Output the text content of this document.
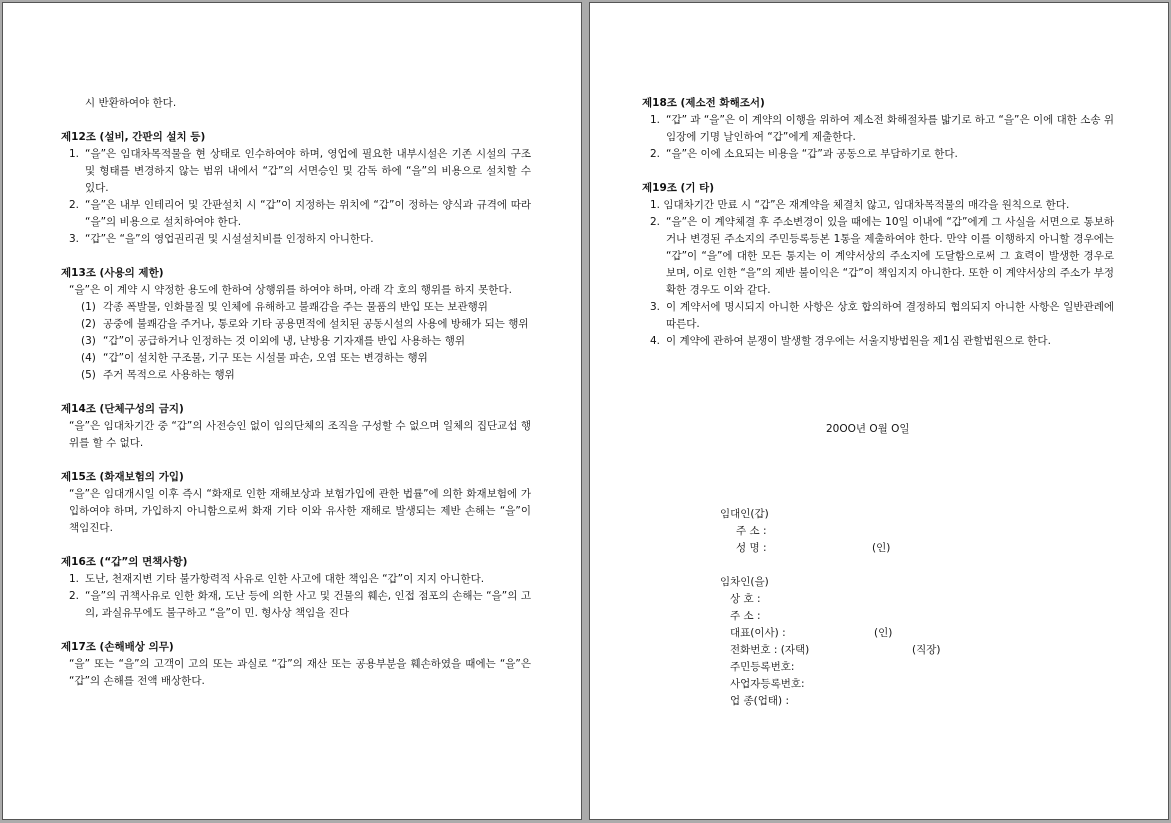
시 반환하여야 한다.

제12조 (설비, 간판의 설치 등)

1. “을”은 임대차목적물을 현 상태로 인수하여야 하며, 영업에 필요한 내부시설은 기존 시설의 구조 및 형태를 변경하지 않는 범위 내에서 “갑”의 서면승인 및 감독 하에 “을”의 비용으로 설치할 수 있다.
2. “을”은 내부 인테리어 및 간판설치 시 “갑”이 지정하는 위치에 “갑”이 정하는 양식과 규격에 따라 “을”의 비용으로 설치하여야 한다.
3. “갑”은 “을”의 영업권리권 및 시설설치비를 인정하지 아니한다.

제13조 (사용의 제한)

“을”은 이 계약 시 약정한 용도에 한하여 상행위를 하여야 하며, 아래 각 호의 행위를 하지 못한다.

(1) 각종 폭발물, 인화물질 및 인체에 유해하고 불쾌감을 주는 물품의 반입 또는 보관행위
(2) 공중에 불쾌감을 주거나, 통로와 기타 공용면적에 설치된 공동시설의 사용에 방해가 되는 행위
(3) “갑”이 공급하거나 인정하는 것 이외에 냉, 난방용 기자재를 반입 사용하는 행위
(4) “갑”이 설치한 구조물, 기구 또는 시설물 파손, 오염 또는 변경하는 행위
(5) 주거 목적으로 사용하는 행위

제14조 (단체구성의 금지)

“을”은 임대차기간 중 “갑”의 사전승인 없이 임의단체의 조직을 구성할 수 없으며 일체의 집단교섭 행위를 할 수 없다.

제15조 (화재보험의 가입)

“을”은 임대개시일 이후 즉시 “화재로 인한 재해보상과 보험가입에 관한 법률”에 의한 화재보험에 가입하여야 하며, 가입하지 아니함으로써 화재 기타 이와 유사한 재해로 발생되는 제반 손해는 “을”이 책임진다.

제16조 (“갑”의 면책사항)

1. 도난, 천재지변 기타 불가항력적 사유로 인한 사고에 대한 책임은 “갑”이 지지 아니한다.
2. “을”의 귀책사유로 인한 화재, 도난 등에 의한 사고 및 건물의 훼손, 인접 점포의 손해는 “을”의 고의, 과실유무에도 불구하고 “을”이 민. 형사상 책임을 진다

제17조 (손해배상 의무)

“을” 또는 “을”의 고객이 고의 또는 과실로 “갑”의 재산 또는 공용부분을 훼손하였을 때에는 “을”은 “갑”의 손해를 전액 배상한다.

제18조 (제소전 화해조서)

1. “갑” 과 “을”은 이 계약의 이행을 위하여 제소전 화해절차를 밟기로 하고 “을”은 이에 대한 소송 위임장에 기명 날인하여 “갑”에게 제출한다.
2. “을”은 이에 소요되는 비용을 “갑”과 공동으로 부담하기로 한다.

제19조 (기 타)

1. 임대차기간 만료 시 “갑”은 재계약을 체결치 않고, 임대차목적물의 매각을 원칙으로 한다.

2. “을”은 이 계약체결 후 주소변경이 있을 때에는 10일 이내에 “갑”에게 그 사실을 서면으로 통보하거나 변경된 주소지의 주민등록등본 1통을 제출하여야 한다. 만약 이를 이행하지 아니할 경우에는 “갑”이 “을”에 대한 모든 통지는 이 계약서상의 주소지에 도달함으로써 그 효력이 발생한 경우로 보며, 이로 인한 “을”의 제반 불이익은 “갑”이 책임지지 아니한다. 또한 이 계약서상의 주소가 부정확한 경우도 이와 같다.
3. 이 계약서에 명시되지 아니한 사항은 상호 합의하여 결정하되 협의되지 아니한 사항은 일반관례에 따른다.
4. 이 계약에 관하여 분쟁이 발생할 경우에는 서울지방법원을 제1심 관할법원으로 한다.
20OO년 O월 O일
임대인(갑)
주 소 :
성 명 :	(인)
임차인(을)
상 호 :
주 소 :
대표(이사) :	(인)
전화번호 : (자택)	(직장)
주민등록번호:
사업자등록번호:
업 종(업태) :
